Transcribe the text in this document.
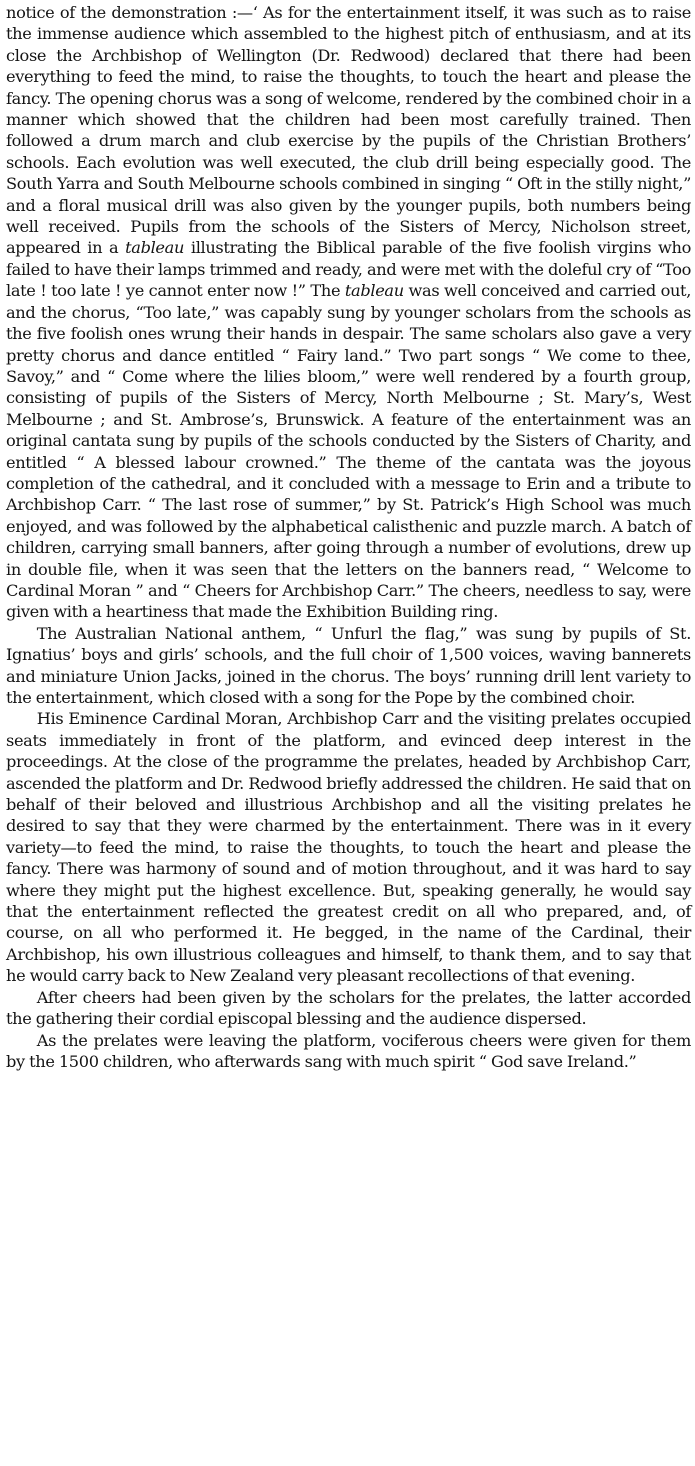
notice of the demonstration :—‘ As for the entertainment itself, it was such as to raise the immense audience which assembled to the highest pitch of enthusiasm, and at its close the Archbishop of Wellington (Dr. Redwood) declared that there had been everything to feed the mind, to raise the thoughts, to touch the heart and please the fancy. The opening chorus was a song of welcome, rendered by the combined choir in a manner which showed that the children had been most carefully trained. Then followed a drum march and club exercise by the pupils of the Christian Brothers’ schools. Each evolution was well executed, the club drill being especially good. The South Yarra and South Melbourne schools combined in singing “ Oft in the stilly night,” and a floral musical drill was also given by the younger pupils, both numbers being well received. Pupils from the schools of the Sisters of Mercy, Nicholson street, appeared in a tableau illustrating the Biblical parable of the five foolish virgins who failed to have their lamps trimmed and ready, and were met with the doleful cry of “Too late ! too late ! ye cannot enter now !” The tableau was well conceived and carried out, and the chorus, “Too late,” was capably sung by younger scholars from the schools as the five foolish ones wrung their hands in despair. The same scholars also gave a very pretty chorus and dance entitled “ Fairy land.” Two part songs “ We come to thee, Savoy,” and “ Come where the lilies bloom,” were well rendered by a fourth group, consisting of pupils of the Sisters of Mercy, North Melbourne ; St. Mary’s, West Melbourne ; and St. Ambrose’s, Brunswick. A feature of the entertainment was an original cantata sung by pupils of the schools conducted by the Sisters of Charity, and entitled “ A blessed labour crowned.” The theme of the cantata was the joyous completion of the cathedral, and it concluded with a message to Erin and a tribute to Archbishop Carr. “ The last rose of summer,” by St. Patrick’s High School was much enjoyed, and was followed by the alphabetical calisthenic and puzzle march. A batch of children, carrying small banners, after going through a number of evolutions, drew up in double file, when it was seen that the letters on the banners read, “ Welcome to Cardinal Moran ” and “ Cheers for Archbishop Carr.” The cheers, needless to say, were given with a heartiness that made the Exhibition Building ring.

The Australian National anthem, “ Unfurl the flag,” was sung by pupils of St. Ignatius’ boys and girls’ schools, and the full choir of 1,500 voices, waving bannerets and miniature Union Jacks, joined in the chorus. The boys’ running drill lent variety to the entertainment, which closed with a song for the Pope by the combined choir.

His Eminence Cardinal Moran, Archbishop Carr and the visiting prelates occupied seats immediately in front of the platform, and evinced deep interest in the proceedings. At the close of the programme the prelates, headed by Archbishop Carr, ascended the platform and Dr. Redwood briefly addressed the children. He said that on behalf of their beloved and illustrious Archbishop and all the visiting prelates he desired to say that they were charmed by the entertainment. There was in it every variety—to feed the mind, to raise the thoughts, to touch the heart and please the fancy. There was harmony of sound and of motion throughout, and it was hard to say where they might put the highest excellence. But, speaking generally, he would say that the entertainment reflected the greatest credit on all who prepared, and, of course, on all who performed it. He begged, in the name of the Cardinal, their Archbishop, his own illustrious colleagues and himself, to thank them, and to say that he would carry back to New Zealand very pleasant recollections of that evening.

After cheers had been given by the scholars for the prelates, the latter accorded the gathering their cordial episcopal blessing and the audience dispersed.

As the prelates were leaving the platform, vociferous cheers were given for them by the 1500 children, who afterwards sang with much spirit “ God save Ireland.”
